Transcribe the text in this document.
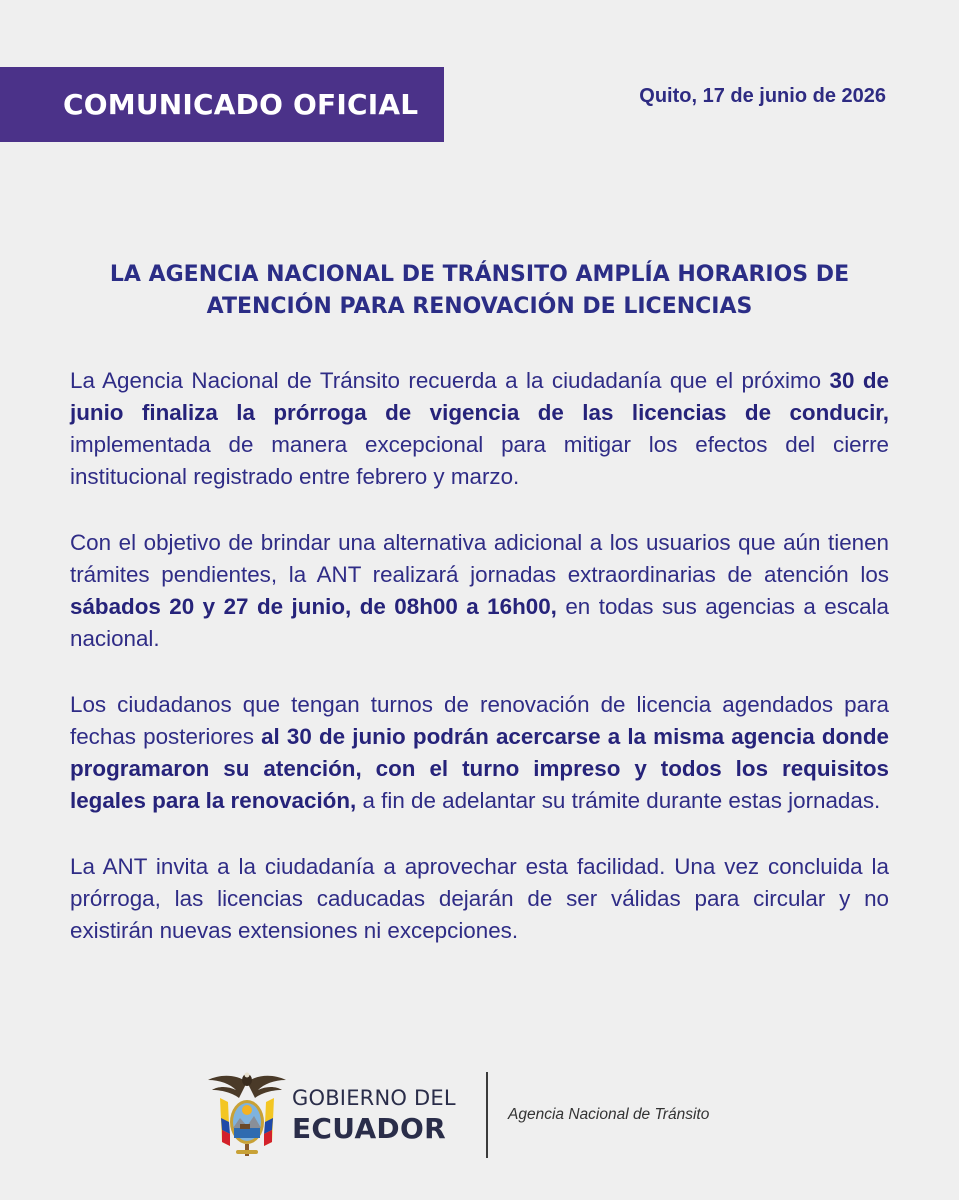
COMUNICADO OFICIAL	Quito, 17 de junio de 2026
LA AGENCIA NACIONAL DE TRÁNSITO AMPLÍA HORARIOS DE
ATENCIÓN PARA RENOVACIÓN DE LICENCIAS

La Agencia Nacional de Tránsito recuerda a la ciudadanía que el próximo 30 de junio finaliza la prórroga de vigencia de las licencias de conducir, implementada de manera excepcional para mitigar los efectos del cierre institucional registrado entre febrero y marzo.

Con el objetivo de brindar una alternativa adicional a los usuarios que aún tienen trámites pendientes, la ANT realizará jornadas extraordinarias de atención los sábados 20 y 27 de junio, de 08h00 a 16h00, en todas sus agencias a escala nacional.

Los ciudadanos que tengan turnos de renovación de licencia agendados para fechas posteriores al 30 de junio podrán acercarse a la misma agencia donde programaron su atención, con el turno impreso y todos los requisitos legales para la renovación, a fin de adelantar su trámite durante estas jornadas.

La ANT invita a la ciudadanía a aprovechar esta facilidad. Una vez concluida la prórroga, las licencias caducadas dejarán de ser válidas para circular y no existirán nuevas extensiones ni excepciones.

GOBIERNO DEL
ECUADOR	Agencia Nacional de Tránsito
